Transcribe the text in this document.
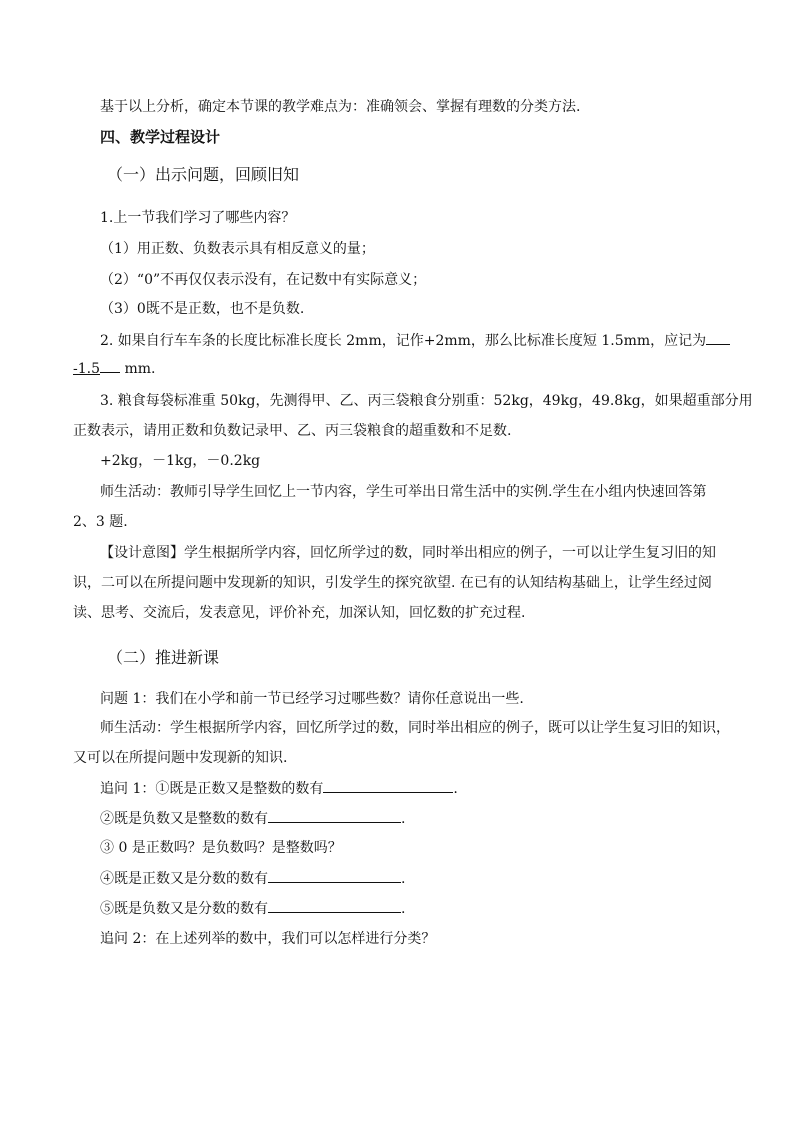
基于以上分析，确定本节课的教学难点为：准确领会、掌握有理数的分类方法.
四、教学过程设计
（一）出示问题，回顾旧知
1.上一节我们学习了哪些内容？
（1）用正数、负数表示具有相反意义的量；
（2）“0”不再仅仅表示没有，在记数中有实际意义；
（3）0既不是正数，也不是负数.
2. 如果自行车车条的长度比标准长度长 2mm，记作+2mm，那么比标准长度短 1.5mm，应记为
-1.5 mm.
3. 粮食每袋标准重 50kg，先测得甲、乙、丙三袋粮食分别重：52kg，49kg，49.8kg，如果超重部分用
正数表示，请用正数和负数记录甲、乙、丙三袋粮食的超重数和不足数.
+2kg，－1kg，－0.2kg
师生活动：教师引导学生回忆上一节内容，学生可举出日常生活中的实例.学生在小组内快速回答第
2、3 题.
【设计意图】学生根据所学内容，回忆所学过的数，同时举出相应的例子，一可以让学生复习旧的知
识，二可以在所提问题中发现新的知识，引发学生的探究欲望. 在已有的认知结构基础上，让学生经过阅
读、思考、交流后，发表意见，评价补充，加深认知，回忆数的扩充过程.
（二）推进新课
问题 1：我们在小学和前一节已经学习过哪些数？请你任意说出一些.
师生活动：学生根据所学内容，回忆所学过的数，同时举出相应的例子，既可以让学生复习旧的知识，
又可以在所提问题中发现新的知识.
追问 1：①既是正数又是整数的数有	.
②既是负数又是整数的数有	.
③ 0 是正数吗？是负数吗？是整数吗？
④既是正数又是分数的数有	.
⑤既是负数又是分数的数有	.
追问 2：在上述列举的数中，我们可以怎样进行分类？
